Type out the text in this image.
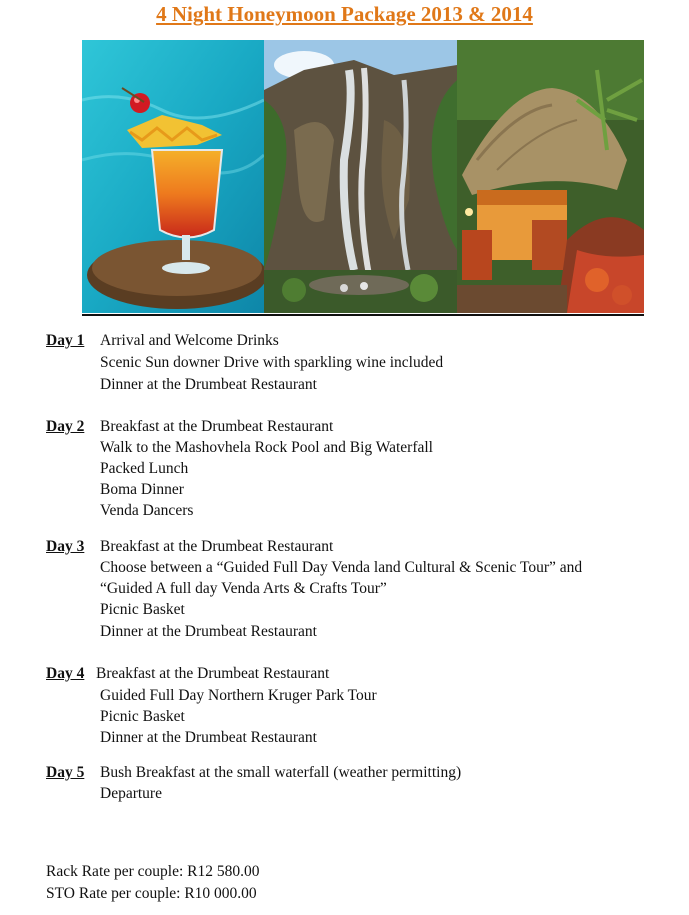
4 Night Honeymoon Package 2013 & 2014
Day 1 Arrival and Welcome Drinks
Scenic Sun downer Drive with sparkling wine included
Dinner at the Drumbeat Restaurant
Day 2 Breakfast at the Drumbeat Restaurant
Walk to the Mashovhela Rock Pool and Big Waterfall
Packed Lunch
Boma Dinner
Venda Dancers
Day 3 Breakfast at the Drumbeat Restaurant
Choose between a “Guided Full Day Venda land Cultural & Scenic Tour” and
“Guided A full day Venda Arts & Crafts Tour”
Picnic Basket
Dinner at the Drumbeat Restaurant
Day 4 Breakfast at the Drumbeat Restaurant
Guided Full Day Northern Kruger Park Tour
Picnic Basket
Dinner at the Drumbeat Restaurant
Day 5 Bush Breakfast at the small waterfall (weather permitting)
Departure
Rack Rate per couple: R12 580.00
STO Rate per couple: R10 000.00
